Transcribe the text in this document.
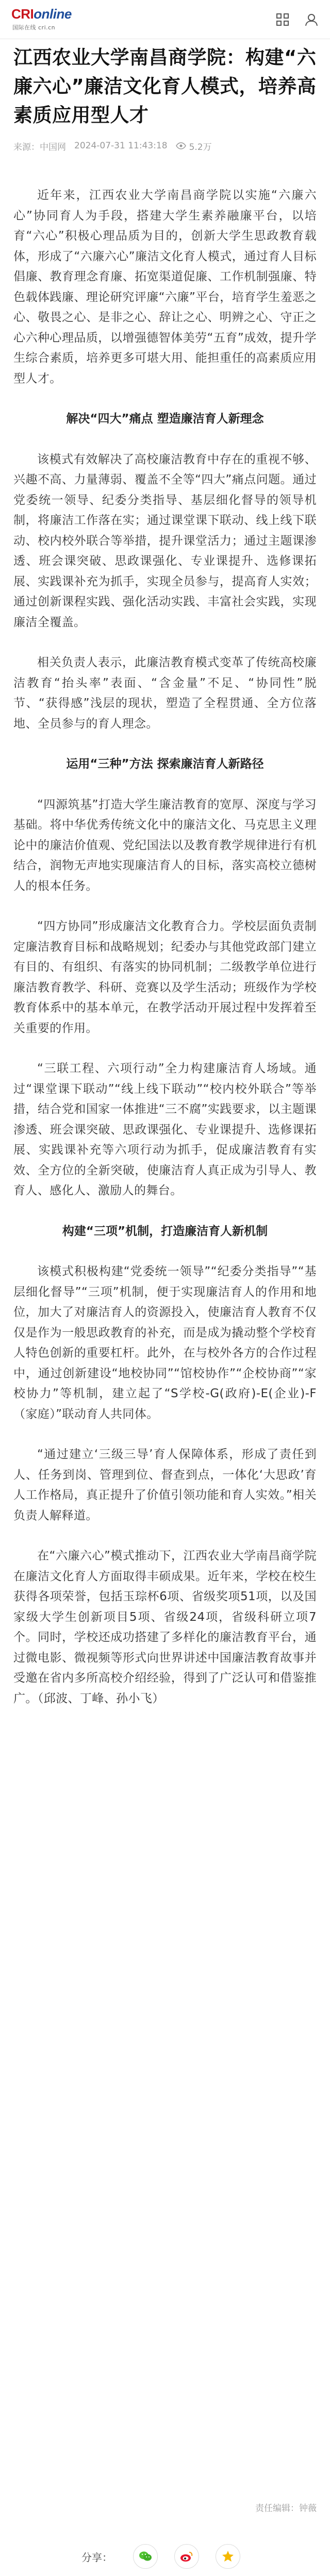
CRIonline
国际在线 cri.cn
江西农业大学南昌商学院：构建“六廉六心”廉洁文化育人模式，培养高素质应用型人才
来源：中国网 2024-07-31 11:43:18 5.2万

近年来，江西农业大学南昌商学院以实施“六廉六心”协同育人为手段，搭建大学生素养融廉平台，以培育“六心”积极心理品质为目的，创新大学生思政教育载体，形成了“六廉六心”廉洁文化育人模式，通过育人目标倡廉、教育理念育廉、拓宽渠道促廉、工作机制强廉、特色载体践廉、理论研究评廉“六廉”平台，培育学生羞恶之心、敬畏之心、是非之心、辞让之心、明辨之心、守正之心六种心理品质，以增强德智体美劳“五育”成效，提升学生综合素质，培养更多可堪大用、能担重任的高素质应用型人才。

解决“四大”痛点 塑造廉洁育人新理念

该模式有效解决了高校廉洁教育中存在的重视不够、兴趣不高、力量薄弱、覆盖不全等“四大”痛点问题。通过党委统一领导、纪委分类指导、基层细化督导的领导机制，将廉洁工作落在实；通过课堂课下联动、线上线下联动、校内校外联合等举措，提升课堂活力；通过主题课渗透、班会课突破、思政课强化、专业课提升、选修课拓展、实践课补充为抓手，实现全员参与，提高育人实效；通过创新课程实践、强化活动实践、丰富社会实践，实现廉洁全覆盖。

相关负责人表示，此廉洁教育模式变革了传统高校廉洁教育“抬头率”表面、“含金量”不足、“协同性”脱节、“获得感”浅层的现状，塑造了全程贯通、全方位落地、全员参与的育人理念。

运用“三种”方法 探索廉洁育人新路径

“四源筑基”打造大学生廉洁教育的宽厚、深度与学习基础。将中华优秀传统文化中的廉洁文化、马克思主义理论中的廉洁价值观、党纪国法以及教育教学规律进行有机结合，润物无声地实现廉洁育人的目标，落实高校立德树人的根本任务。

“四方协同”形成廉洁文化教育合力。学校层面负责制定廉洁教育目标和战略规划；纪委办与其他党政部门建立有目的、有组织、有落实的协同机制；二级教学单位进行廉洁教育教学、科研、竞赛以及学生活动；班级作为学校教育体系中的基本单元，在教学活动开展过程中发挥着至关重要的作用。

“三联工程、六项行动”全力构建廉洁育人场域。通过“课堂课下联动”“线上线下联动”“校内校外联合”等举措，结合党和国家一体推进“三不腐”实践要求，以主题课渗透、班会课突破、思政课强化、专业课提升、选修课拓展、实践课补充等六项行动为抓手，促成廉洁教育有实效、全方位的全新突破，使廉洁育人真正成为引导人、教育人、感化人、激励人的舞台。

构建“三项”机制，打造廉洁育人新机制

该模式积极构建“党委统一领导”“纪委分类指导”“基层细化督导”“三项”机制，便于实现廉洁育人的作用和地位，加大了对廉洁育人的资源投入，使廉洁育人教育不仅仅是作为一般思政教育的补充，而是成为撬动整个学校育人特色创新的重要杠杆。此外，在与校外各方的合作过程中，通过创新建设“地校协同”“馆校协作”“企校协商”“家校协力”等机制，建立起了“S学校-G(政府)-E(企业)-F（家庭）”联动育人共同体。

“通过建立‘三级三导’育人保障体系，形成了责任到人、任务到岗、管理到位、督查到点，一体化‘大思政’育人工作格局，真正提升了价值引领功能和育人实效。”相关负责人解释道。

在“六廉六心”模式推动下，江西农业大学南昌商学院在廉洁文化育人方面取得丰硕成果。近年来，学校在校生获得各项荣誉，包括玉琮杯6项、省级奖项51项，以及国家级大学生创新项目5项、省级24项，省级科研立项7个。同时，学校还成功搭建了多样化的廉洁教育平台，通过微电影、微视频等形式向世界讲述中国廉洁教育故事并受邀在省内多所高校介绍经验，得到了广泛认可和借鉴推广。（邱波、丁峰、孙小飞）

责任编辑：钟薇
分享：
